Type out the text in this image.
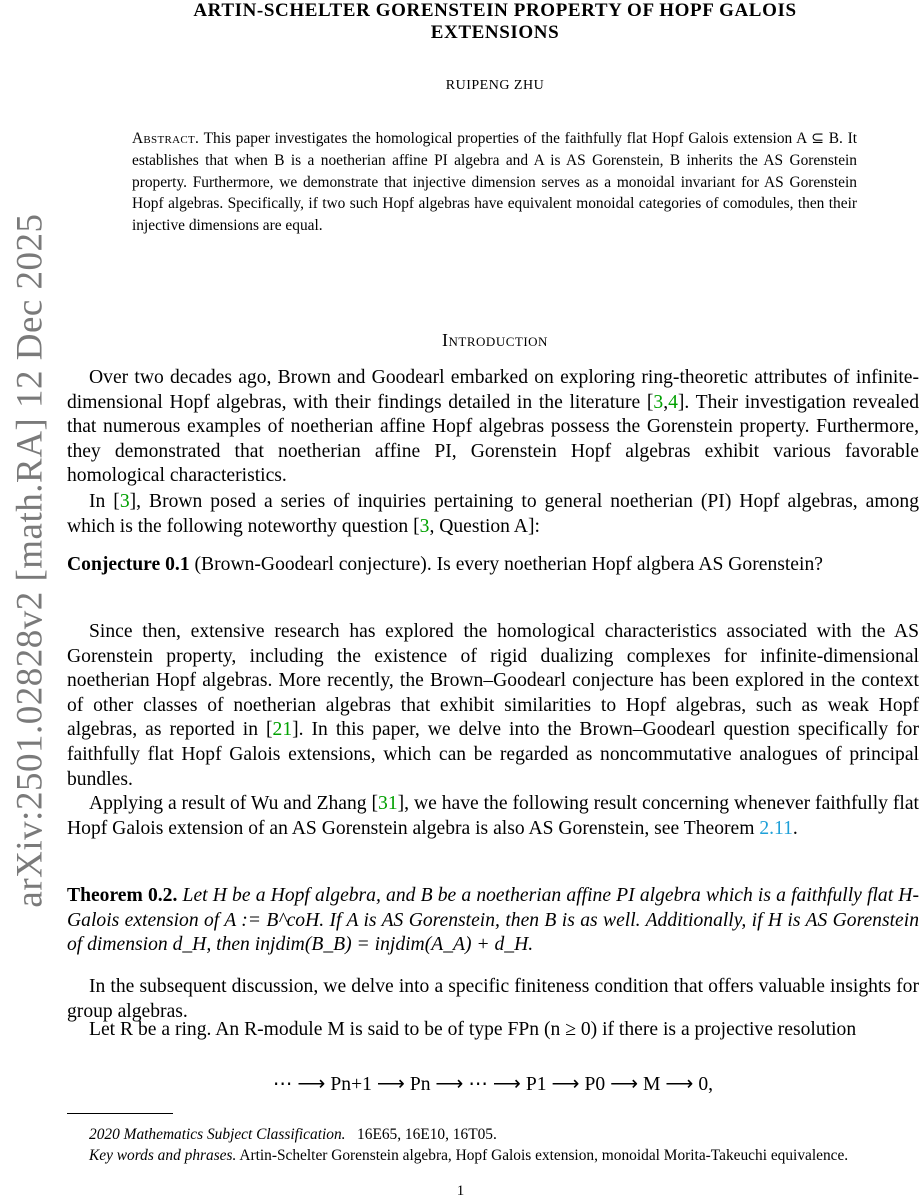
arXiv:2501.02828v2 [math.RA] 12 Dec 2025
ARTIN-SCHELTER GORENSTEIN PROPERTY OF HOPF GALOIS
EXTENSIONS
RUIPENG ZHU
Abstract. This paper investigates the homological properties of the faithfully flat Hopf Galois extension A ⊆ B. It establishes that when B is a noetherian affine PI algebra and A is AS Gorenstein, B inherits the AS Gorenstein property. Furthermore, we demonstrate that injective dimension serves as a monoidal invariant for AS Gorenstein Hopf algebras. Specifically, if two such Hopf algebras have equivalent monoidal categories of comodules, then their injective dimensions are equal.
Introduction
Over two decades ago, Brown and Goodearl embarked on exploring ring-theoretic attributes of infinite-dimensional Hopf algebras, with their findings detailed in the literature [3,4]. Their investigation revealed that numerous examples of noetherian affine Hopf algebras possess the Gorenstein property. Furthermore, they demonstrated that noetherian affine PI, Gorenstein Hopf algebras exhibit various favorable homological characteristics.
In [3], Brown posed a series of inquiries pertaining to general noetherian (PI) Hopf algebras, among which is the following noteworthy question [3, Question A]:
Conjecture 0.1 (Brown-Goodearl conjecture). Is every noetherian Hopf algbera AS Gorenstein?
Since then, extensive research has explored the homological characteristics associated with the AS Gorenstein property, including the existence of rigid dualizing complexes for infinite-dimensional noetherian Hopf algebras. More recently, the Brown–Goodearl conjecture has been explored in the context of other classes of noetherian algebras that exhibit similarities to Hopf algebras, such as weak Hopf algebras, as reported in [21]. In this paper, we delve into the Brown–Goodearl question specifically for faithfully flat Hopf Galois extensions, which can be regarded as noncommutative analogues of principal bundles.
Applying a result of Wu and Zhang [31], we have the following result concerning whenever faithfully flat Hopf Galois extension of an AS Gorenstein algebra is also AS Gorenstein, see Theorem 2.11.
Theorem 0.2. Let H be a Hopf algebra, and B be a noetherian affine PI algebra which is a faithfully flat H-Galois extension of A := B^coH. If A is AS Gorenstein, then B is as well. Additionally, if H is AS Gorenstein of dimension d_H, then injdim(B_B) = injdim(A_A) + d_H.
In the subsequent discussion, we delve into a specific finiteness condition that offers valuable insights for group algebras.
Let R be a ring. An R-module M is said to be of type FPn (n ≥ 0) if there is a projective resolution
⋯ ⟶ Pn+1 ⟶ Pn ⟶ ⋯ ⟶ P1 ⟶ P0 ⟶ M ⟶ 0,
2020 Mathematics Subject Classification. 16E65, 16E10, 16T05.
Key words and phrases. Artin-Schelter Gorenstein algebra, Hopf Galois extension, monoidal Morita-Takeuchi equivalence.
1
